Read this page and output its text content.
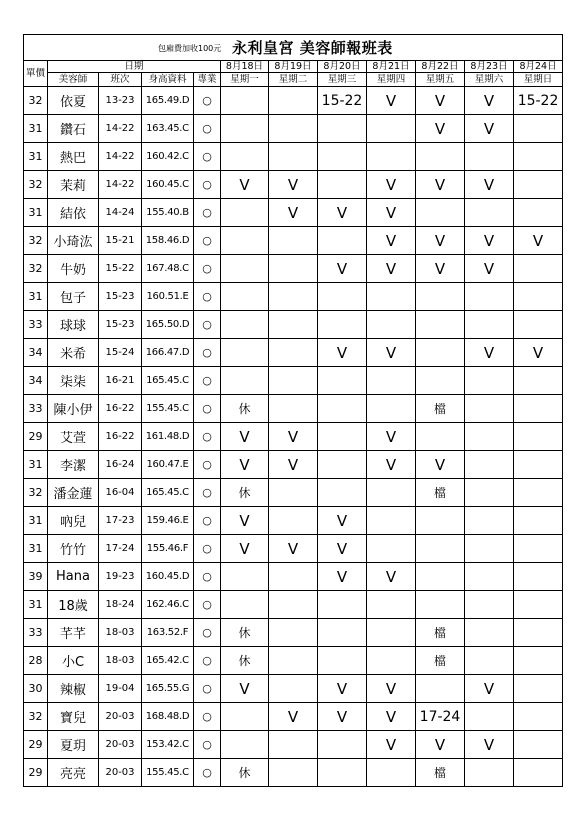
包廂費加收100元 永利皇宮 美容師報班表											

單價	日期				8月18日	8月19日	8月20日	8月21日	8月22日	8月23日	8月24日
	美容師	班次	身高資料	專業	星期一	星期二	星期三	星期四	星期五	星期六	星期日
32	依夏	13-23	165.49.D	○			15-22	V	V	V	15-22
31	鑽石	14-22	163.45.C	○					V	V	
31	熱巴	14-22	160.42.C	○							
32	茉莉	14-22	160.45.C	○	V	V		V	V	V	
31	結依	14-24	155.40.B	○		V	V	V			
32	小琦汯	15-21	158.46.D	○				V	V	V	V
32	牛奶	15-22	167.48.C	○			V	V	V	V	
31	包子	15-23	160.51.E	○							
33	球球	15-23	165.50.D	○							
34	米希	15-24	166.47.D	○			V	V		V	V
34	柒柒	16-21	165.45.C	○							
33	陳小伊	16-22	155.45.C	○	休				檔		
29	艾萱	16-22	161.48.D	○	V	V		V			
31	李潔	16-24	160.47.E	○	V	V		V	V		
32	潘金蓮	16-04	165.45.C	○	休				檔		
31	吶兒	17-23	159.46.E	○	V		V				
31	竹竹	17-24	155.46.F	○	V	V	V				
39	Hana	19-23	160.45.D	○			V	V			
31	18歲	18-24	162.46.C	○							
33	芊芊	18-03	163.52.F	○	休				檔		
28	小C	18-03	165.42.C	○	休				檔		
30	辣椒	19-04	165.55.G	○	V		V	V		V	
32	寶兒	20-03	168.48.D	○		V	V	V	17-24		
29	夏玥	20-03	153.42.C	○				V	V	V	
29	亮亮	20-03	155.45.C	○	休				檔		
